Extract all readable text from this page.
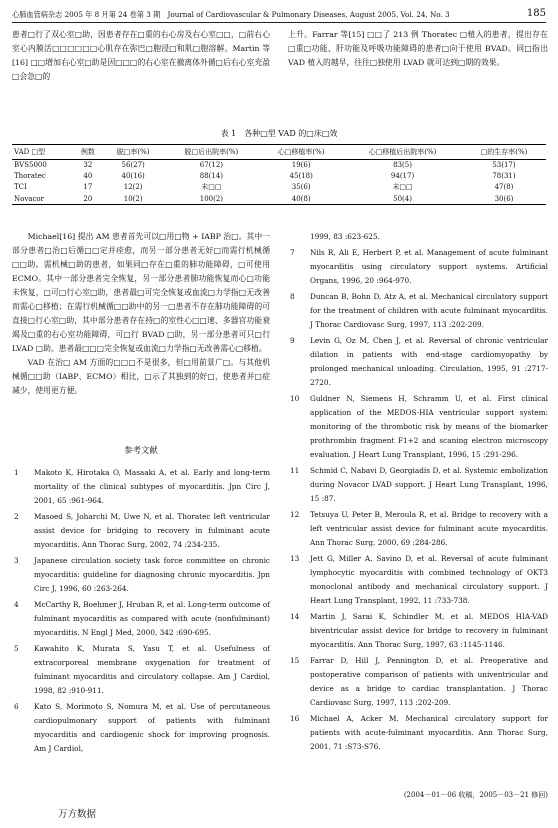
心肺血管病杂志 2005 年 8 月第 24 卷第 3 期　Journal of Cardiovascular & Pulmonary Diseases, August 2005, Vol. 24, No. 3	185
患者□行了双心室□助，因患者存在□重的右心房及右心室□□，□前右心室心内膜活□□□□□□心肌存在弥巴□胞浸□和肌□胞溶解。Martin 等[16] □□增加右心室□助是因□□□的右心室在撤离体外循□后右心室充盈□会急□的
上升。Farrar 等[15] □□了 213 例 Thoratec □植入的患者，提出存在□重□功能、肝功能及呼吸功能障碍的患者□向于使用 BVAD。同□指出 VAD 植入的越早，往往□独使用 LVAD 就可达到□期的效果。
表 1　各种□型 VAD 的□床□效
VAD □型	例数	脱□率(%)	脱□后出院率(%)	心□移植率(%)	心□移植后出院率(%)	□的生存率(%)
BVS5000	32	56(27)	67(12)	19(6)	83(5)	53(17)
Thoratec	40	40(16)	88(14)	45(18)	94(17)	78(31)
TCI	17	12(2)	未□□	35(6)	未□□	47(8)
Novacor	20	10(2)	100(2)	40(8)	50(4)	30(6)

Michael[16] 提出 AM 患者首先可以□用□物 + IABP 治□。其中一部分患者□治□后循□□定并痊愈，而另一部分患者无好□而需行机械循□□助。需机械□助的患者，如果同□存在□重的肺功能障碍，□可使用 ECMO。其中一部分患者完全恢复，另一部分患者肺功能恢复而心□功能未恢复，□可□行心室□助，患者最□可完全恢复或血流□力学指□无改善而需心□移植；在需行机械循□□助中的另一□患者不存在肺功能障碍的可直接□行心室□助，其中部分患者存在持□的室性心□□速、多器官功能衰竭及□重的右心室功能障碍，可□行 BVAD □助，另一部分患者可只□行 LVAD □助。患者最□□□完全恢复或血流□力学指□无改善需心□移植。

VAD 在治□ AM 方面的□□□不是很多，但□用前景广□。与其他机械循□□助（IABP、ECMO）相比，□示了其独到的好□，使患者并□症减少，使用更方便。

参考文献
1 Makoto K, Hirotaka O, Masaaki A, et al. Early and long-term mortality of the clinical subtypes of myocarditis. Jpn Circ J, 2001, 65 :961-964.
2 Masoed S, Joharchi M, Uwe N, et al. Thoratec left ventricular assist device for bridging to recovery in fulminant acute myocarditis. Ann Thorac Surg, 2002, 74 :234-235.
3 Japanese circulation society task force committee on chronic myocarditis: guideline for diagnosing chronic myocarditis. Jpn Circ J, 1996, 60 :263-264.
4 McCarthy R, Boehmer J, Hruban R, et al. Long-term outcome of fulminant myocarditis as compared with acute (nonfulminant) myocarditis. N Engl J Med, 2000, 342 :690-695.
5 Kawahito K, Murata S, Yasu T, et al. Usefulness of extracorporeal membrane oxygenation for treatment of fulminant myocarditis and circulatory collapse. Am J Cardiol, 1998, 82 :910-911.
6 Kato S, Morimoto S, Nomura M, et al. Use of percutaneous cardiopulmonary support of patients with fulminant myocarditis and cardiogenic shock for improving prognosis. Am J Cardiol,
1999, 83 :623-625.
7 Nils R, Ali E, Herbert P, et al. Management of acute fulminant myocarditis using circulatory support systems. Artificial Organs, 1996, 20 :964-970.
8 Duncan B, Bohn D, Atz A, et al. Mechanical circulatory support for the treatment of children with acute fulminant myocarditis. J Thorac Cardiovasc Surg, 1997, 113 :202-209.
9 Levin G, Oz M, Chen J, et al. Reversal of chronic ventricular dilation in patients with end-stage cardiomyopathy by prolonged mechanical unloading. Circulation, 1995, 91 :2717-2720.
10 Guldner N, Siemens H, Schramm U, et al. First clinical application of the MEDOS-HIA ventricular support system: monitoring of the thrombotic risk by means of the biomarker prothrombin fragment F1+2 and scaning electron microscopy evaluation. J Heart Lung Transplant, 1996, 15 :291-296.
11 Schmid C, Nabavi D, Georgiadis D, et al. Systemic embolization during Novacor LVAD support. J Heart Lung Transplant, 1996, 15 :87.
12 Tetsuya U, Peter B, Meroula R, et al. Bridge to recovery with a left ventricular assist device for fulminant acute myocarditis. Ann Thorac Surg, 2000, 69 :284-286.
13 Jett G, Miller A, Savino D, et al. Reversal of acute fulminant lymphocytic myocarditis with combined technology of OKT3 monoclonal antibody and mechanical circulatory support. J Heart Lung Transplant, 1992, 11 :733-738.
14 Martin J, Sarai K, Schindler M, et al. MEDOS HIA-VAD biventricular assist device for bridge to recovery in fulminant myocarditis. Ann Thorac Surg, 1997, 63 :1145-1146.
15 Farrar D, Hill J, Pennington D, et al. Preoperative and postoperative comparison of patients with univentricular and device as a bridge to cardiac transplantation. J Thorac Cardiovasc Surg, 1997, 113 :202-209.
16 Michael A, Acker M. Mechanical circulatory support for patients with acute-fulminant myocarditis. Ann Thorac Surg, 2001, 71 :S73-S76.
(2004－01－06 收稿，2005－03－21 修回)
万方数据
